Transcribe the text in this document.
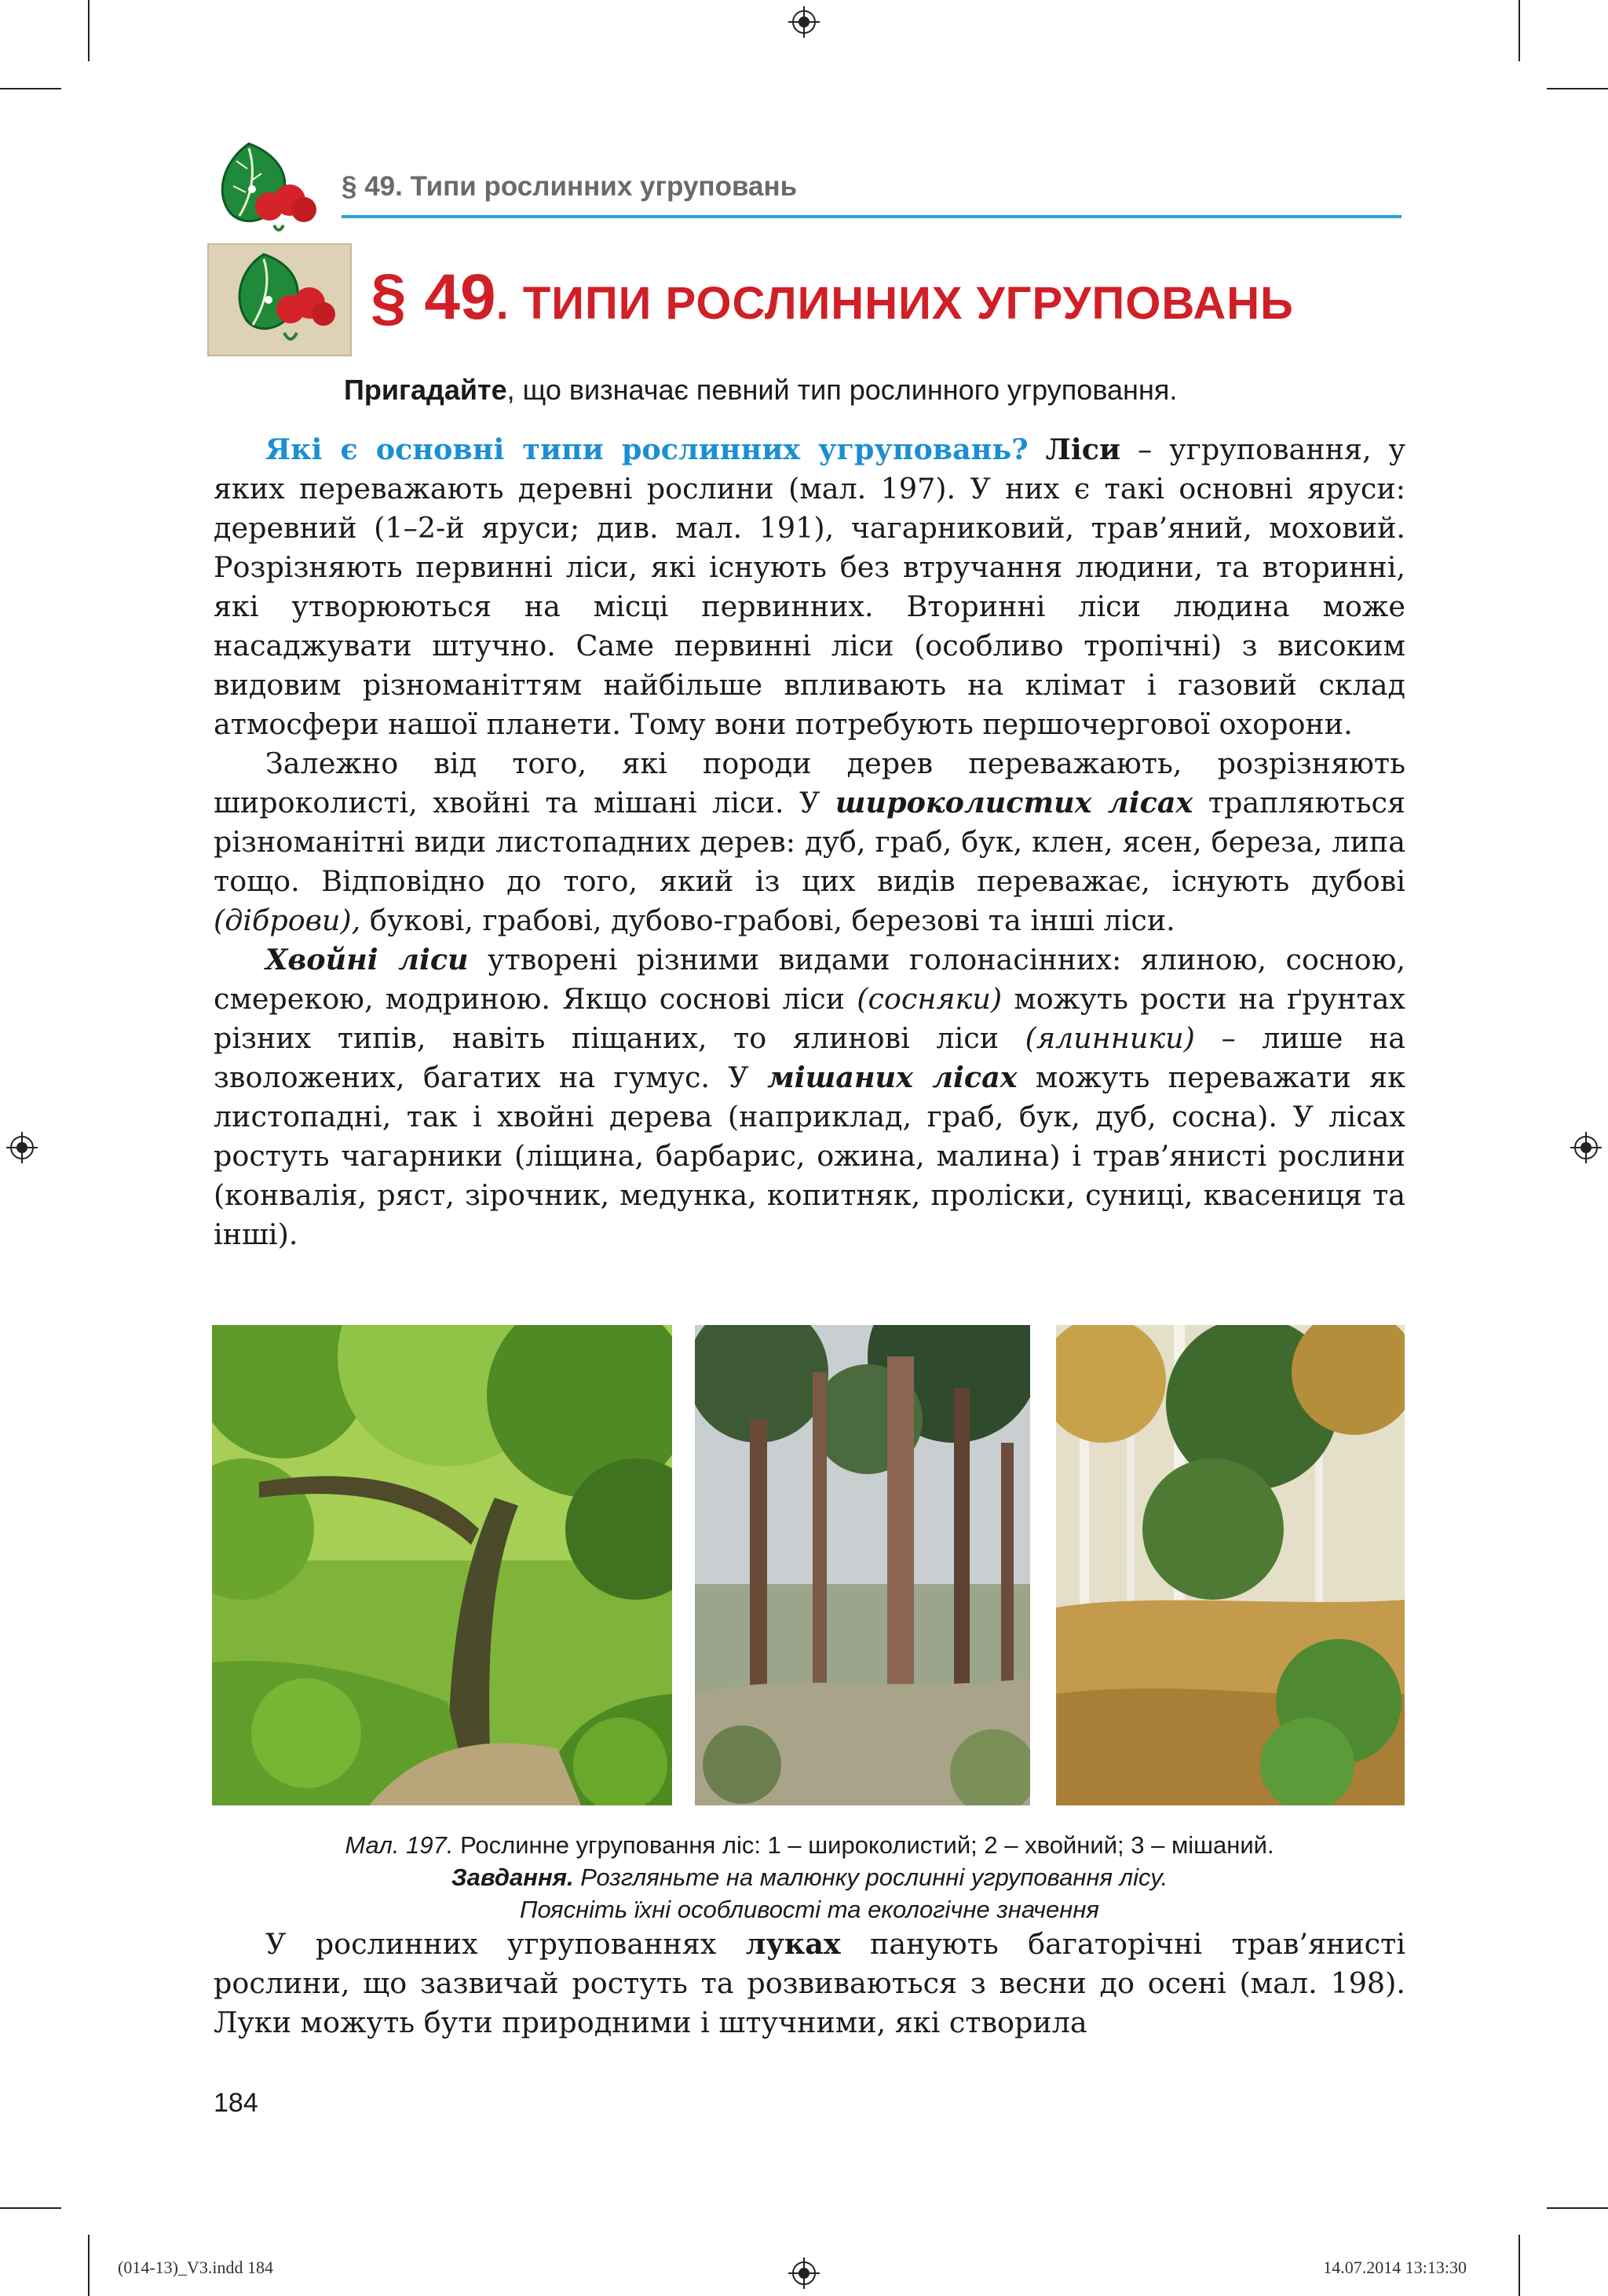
§ 49. Типи рослинних угруповань
§ 49. ТИПИ РОСЛИННИХ УГРУПОВАНЬ
Пригадайте, що визначає певний тип рослинного угруповання.

Які є основні типи рослинних угруповань? Ліси – угруповання, у яких переважають деревні рослини (мал. 197). У них є такі основні яруси: деревний (1–2-й яруси; див. мал. 191), чагарниковий, трав’яний, моховий. Розрізняють первинні ліси, які існують без втручання людини, та вторинні, які утворюються на місці первинних. Вторинні ліси людина може насаджувати штучно. Саме первинні ліси (особливо тропічні) з високим видовим різноманіттям найбільше впливають на клімат і газовий склад атмосфери нашої планети. Тому вони потребують першочергової охорони.

Залежно від того, які породи дерев переважають, розрізняють широколисті, хвойні та мішані ліси. У широколистих лісах трапляються різноманітні види листопадних дерев: дуб, граб, бук, клен, ясен, береза, липа тощо. Відповідно до того, який із цих видів переважає, існують дубові (діброви), букові, грабові, дубово-грабові, березові та інші ліси.

Хвойні ліси утворені різними видами голонасінних: ялиною, сосною, смерекою, модриною. Якщо соснові ліси (сосняки) можуть рости на ґрунтах різних типів, навіть піщаних, то ялинові ліси (ялинники) – лише на зволожених, багатих на гумус. У мішаних лісах можуть переважати як листопадні, так і хвойні дерева (наприклад, граб, бук, дуб, сосна). У лісах ростуть чагарники (ліщина, барбарис, ожина, малина) і трав’янисті рослини (конвалія, ряст, зірочник, медунка, копитняк, проліски, суниці, квасениця та інші).

Мал. 197. Рослинне угруповання ліс: 1 – широколистий; 2 – хвойний; 3 – мішаний.
Завдання. Розгляньте на малюнку рослинні угруповання лісу.
Поясніть їхні особливості та екологічне значення

У рослинних угрупованнях луках панують багаторічні трав’янисті рослини, що зазвичай ростуть та розвиваються з весни до осені (мал. 198). Луки можуть бути природними і штучними, які створила

184
(014-13)_V3.indd 184	14.07.2014 13:13:30
